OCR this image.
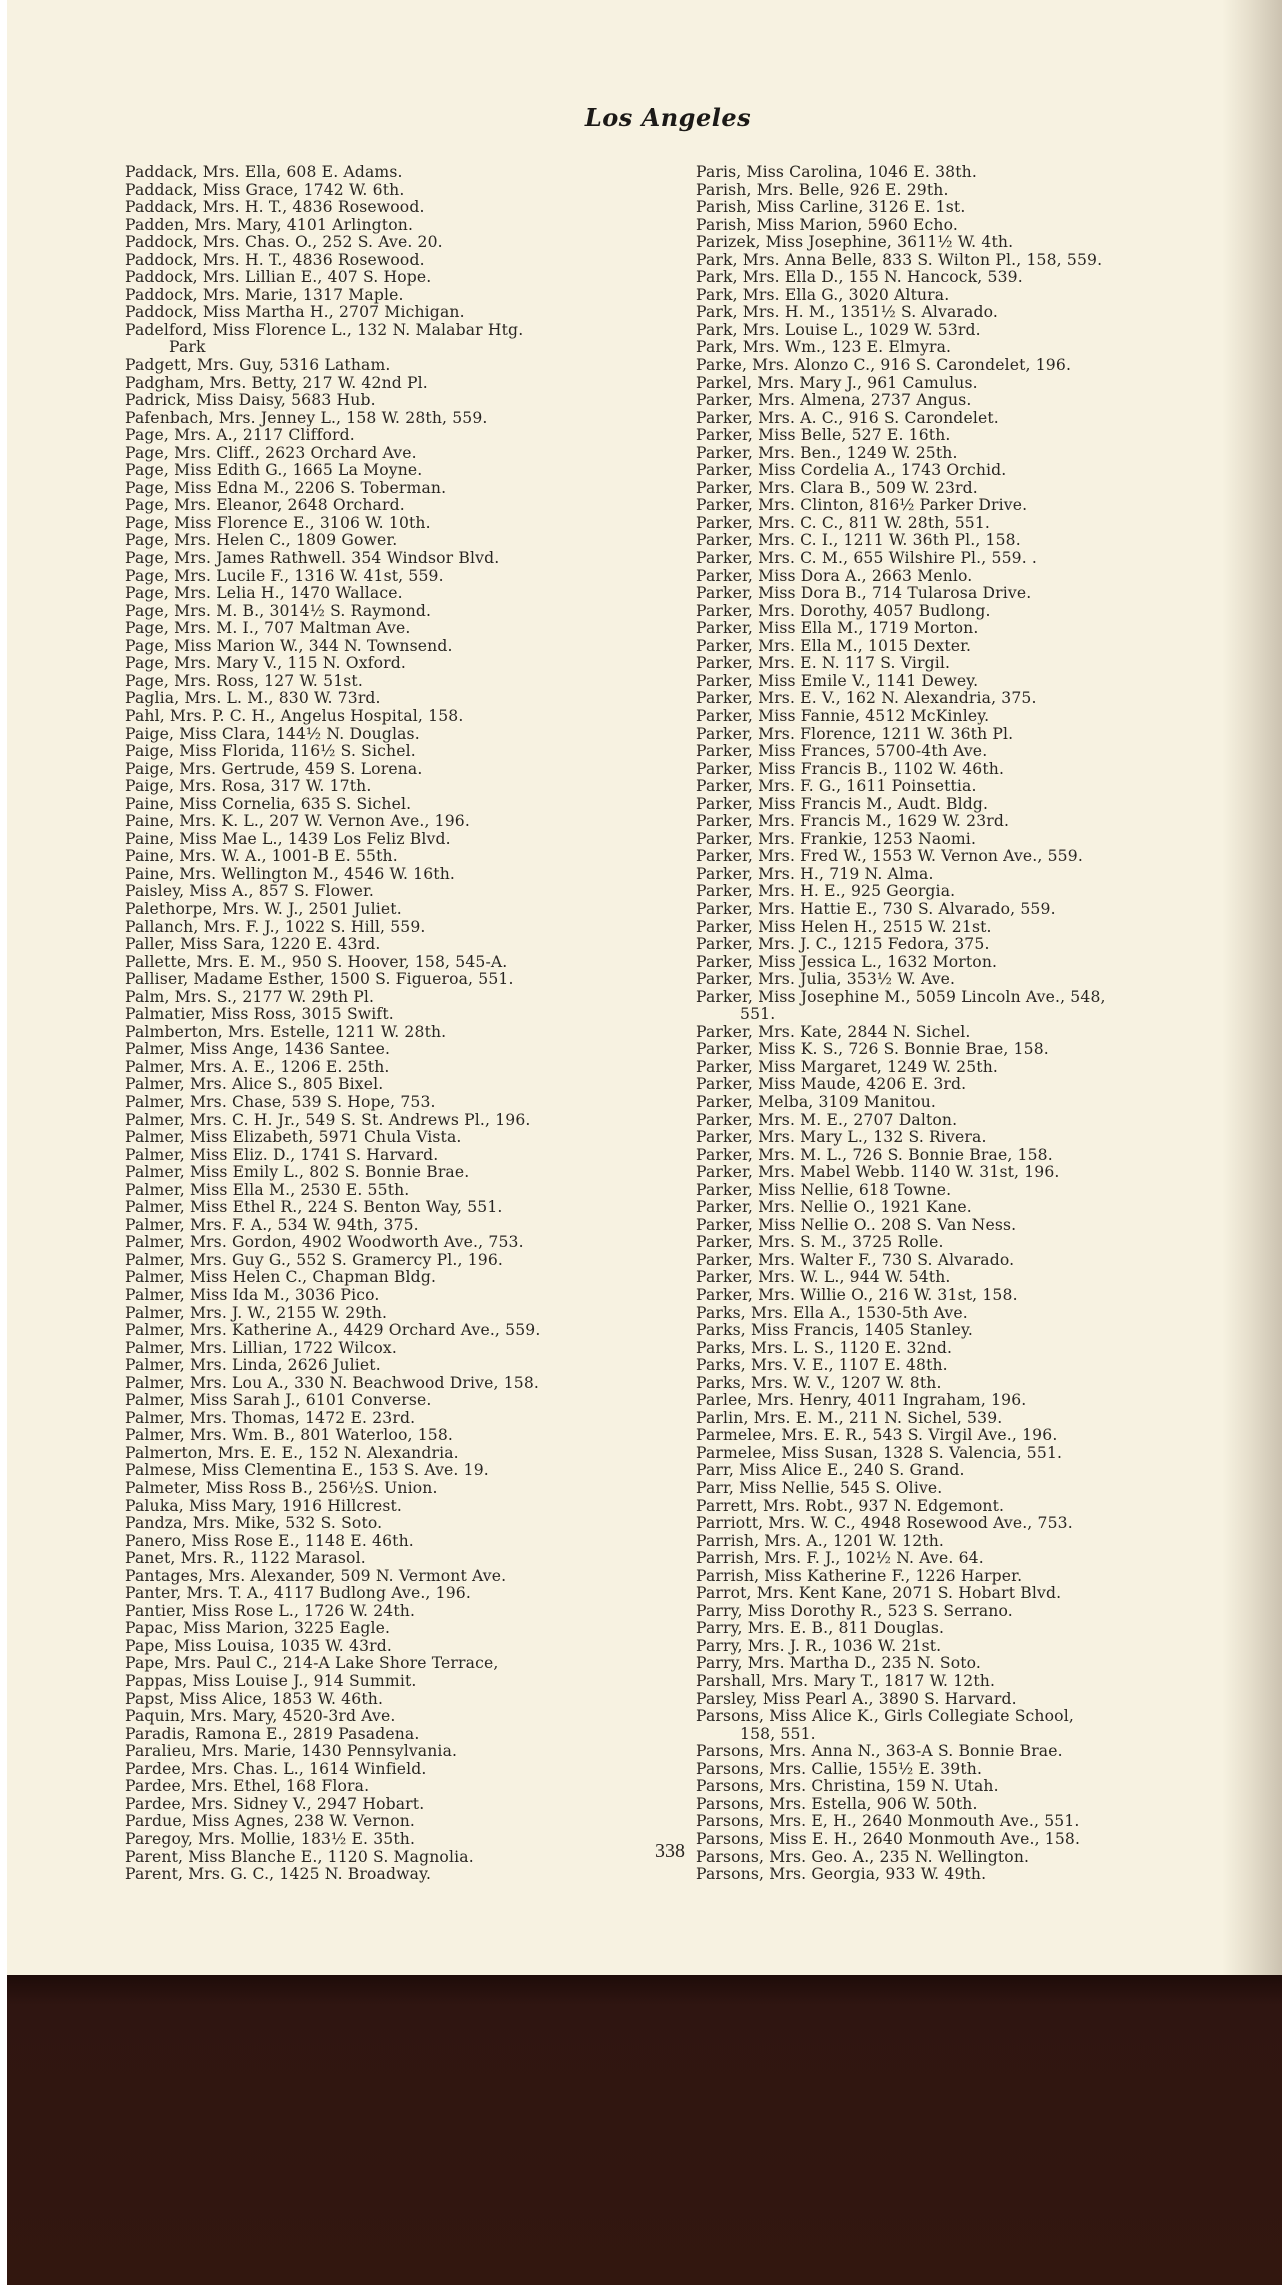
Los Angeles
Paddack, Mrs. Ella, 608 E. Adams.
Paddack, Miss Grace, 1742 W. 6th.
Paddack, Mrs. H. T., 4836 Rosewood.
Padden, Mrs. Mary, 4101 Arlington.
Paddock, Mrs. Chas. O., 252 S. Ave. 20.
Paddock, Mrs. H. T., 4836 Rosewood.
Paddock, Mrs. Lillian E., 407 S. Hope.
Paddock, Mrs. Marie, 1317 Maple.
Paddock, Miss Martha H., 2707 Michigan.
Padelford, Miss Florence L., 132 N. Malabar Htg.
Park
Padgett, Mrs. Guy, 5316 Latham.
Padgham, Mrs. Betty, 217 W. 42nd Pl.
Padrick, Miss Daisy, 5683 Hub.
Pafenbach, Mrs. Jenney L., 158 W. 28th, 559.
Page, Mrs. A., 2117 Clifford.
Page, Mrs. Cliff., 2623 Orchard Ave.
Page, Miss Edith G., 1665 La Moyne.
Page, Miss Edna M., 2206 S. Toberman.
Page, Mrs. Eleanor, 2648 Orchard.
Page, Miss Florence E., 3106 W. 10th.
Page, Mrs. Helen C., 1809 Gower.
Page, Mrs. James Rathwell. 354 Windsor Blvd.
Page, Mrs. Lucile F., 1316 W. 41st, 559.
Page, Mrs. Lelia H., 1470 Wallace.
Page, Mrs. M. B., 3014½ S. Raymond.
Page, Mrs. M. I., 707 Maltman Ave.
Page, Miss Marion W., 344 N. Townsend.
Page, Mrs. Mary V., 115 N. Oxford.
Page, Mrs. Ross, 127 W. 51st.
Paglia, Mrs. L. M., 830 W. 73rd.
Pahl, Mrs. P. C. H., Angelus Hospital, 158.
Paige, Miss Clara, 144½ N. Douglas.
Paige, Miss Florida, 116½ S. Sichel.
Paige, Mrs. Gertrude, 459 S. Lorena.
Paige, Mrs. Rosa, 317 W. 17th.
Paine, Miss Cornelia, 635 S. Sichel.
Paine, Mrs. K. L., 207 W. Vernon Ave., 196.
Paine, Miss Mae L., 1439 Los Feliz Blvd.
Paine, Mrs. W. A., 1001-B E. 55th.
Paine, Mrs. Wellington M., 4546 W. 16th.
Paisley, Miss A., 857 S. Flower.
Palethorpe, Mrs. W. J., 2501 Juliet.
Pallanch, Mrs. F. J., 1022 S. Hill, 559.
Paller, Miss Sara, 1220 E. 43rd.
Pallette, Mrs. E. M., 950 S. Hoover, 158, 545-A.
Palliser, Madame Esther, 1500 S. Figueroa, 551.
Palm, Mrs. S., 2177 W. 29th Pl.
Palmatier, Miss Ross, 3015 Swift.
Palmberton, Mrs. Estelle, 1211 W. 28th.
Palmer, Miss Ange, 1436 Santee.
Palmer, Mrs. A. E., 1206 E. 25th.
Palmer, Mrs. Alice S., 805 Bixel.
Palmer, Mrs. Chase, 539 S. Hope, 753.
Palmer, Mrs. C. H. Jr., 549 S. St. Andrews Pl., 196.
Palmer, Miss Elizabeth, 5971 Chula Vista.
Palmer, Miss Eliz. D., 1741 S. Harvard.
Palmer, Miss Emily L., 802 S. Bonnie Brae.
Palmer, Miss Ella M., 2530 E. 55th.
Palmer, Miss Ethel R., 224 S. Benton Way, 551.
Palmer, Mrs. F. A., 534 W. 94th, 375.
Palmer, Mrs. Gordon, 4902 Woodworth Ave., 753.
Palmer, Mrs. Guy G., 552 S. Gramercy Pl., 196.
Palmer, Miss Helen C., Chapman Bldg.
Palmer, Miss Ida M., 3036 Pico.
Palmer, Mrs. J. W., 2155 W. 29th.
Palmer, Mrs. Katherine A., 4429 Orchard Ave., 559.
Palmer, Mrs. Lillian, 1722 Wilcox.
Palmer, Mrs. Linda, 2626 Juliet.
Palmer, Mrs. Lou A., 330 N. Beachwood Drive, 158.
Palmer, Miss Sarah J., 6101 Converse.
Palmer, Mrs. Thomas, 1472 E. 23rd.
Palmer, Mrs. Wm. B., 801 Waterloo, 158.
Palmerton, Mrs. E. E., 152 N. Alexandria.
Palmese, Miss Clementina E., 153 S. Ave. 19.
Palmeter, Miss Ross B., 256½S. Union.
Paluka, Miss Mary, 1916 Hillcrest.
Pandza, Mrs. Mike, 532 S. Soto.
Panero, Miss Rose E., 1148 E. 46th.
Panet, Mrs. R., 1122 Marasol.
Pantages, Mrs. Alexander, 509 N. Vermont Ave.
Panter, Mrs. T. A., 4117 Budlong Ave., 196.
Pantier, Miss Rose L., 1726 W. 24th.
Papac, Miss Marion, 3225 Eagle.
Pape, Miss Louisa, 1035 W. 43rd.
Pape, Mrs. Paul C., 214-A Lake Shore Terrace,
Pappas, Miss Louise J., 914 Summit.
Papst, Miss Alice, 1853 W. 46th.
Paquin, Mrs. Mary, 4520-3rd Ave.
Paradis, Ramona E., 2819 Pasadena.
Paralieu, Mrs. Marie, 1430 Pennsylvania.
Pardee, Mrs. Chas. L., 1614 Winfield.
Pardee, Mrs. Ethel, 168 Flora.
Pardee, Mrs. Sidney V., 2947 Hobart.
Pardue, Miss Agnes, 238 W. Vernon.
Paregoy, Mrs. Mollie, 183½ E. 35th.
Parent, Miss Blanche E., 1120 S. Magnolia.
Parent, Mrs. G. C., 1425 N. Broadway.
Paris, Miss Carolina, 1046 E. 38th.
Parish, Mrs. Belle, 926 E. 29th.
Parish, Miss Carline, 3126 E. 1st.
Parish, Miss Marion, 5960 Echo.
Parizek, Miss Josephine, 3611½ W. 4th.
Park, Mrs. Anna Belle, 833 S. Wilton Pl., 158, 559.
Park, Mrs. Ella D., 155 N. Hancock, 539.
Park, Mrs. Ella G., 3020 Altura.
Park, Mrs. H. M., 1351½ S. Alvarado.
Park, Mrs. Louise L., 1029 W. 53rd.
Park, Mrs. Wm., 123 E. Elmyra.
Parke, Mrs. Alonzo C., 916 S. Carondelet, 196.
Parkel, Mrs. Mary J., 961 Camulus.
Parker, Mrs. Almena, 2737 Angus.
Parker, Mrs. A. C., 916 S. Carondelet.
Parker, Miss Belle, 527 E. 16th.
Parker, Mrs. Ben., 1249 W. 25th.
Parker, Miss Cordelia A., 1743 Orchid.
Parker, Mrs. Clara B., 509 W. 23rd.
Parker, Mrs. Clinton, 816½ Parker Drive.
Parker, Mrs. C. C., 811 W. 28th, 551.
Parker, Mrs. C. I., 1211 W. 36th Pl., 158.
Parker, Mrs. C. M., 655 Wilshire Pl., 559. .
Parker, Miss Dora A., 2663 Menlo.
Parker, Miss Dora B., 714 Tularosa Drive.
Parker, Mrs. Dorothy, 4057 Budlong.
Parker, Miss Ella M., 1719 Morton.
Parker, Mrs. Ella M., 1015 Dexter.
Parker, Mrs. E. N. 117 S. Virgil.
Parker, Miss Emile V., 1141 Dewey.
Parker, Mrs. E. V., 162 N. Alexandria, 375.
Parker, Miss Fannie, 4512 McKinley.
Parker, Mrs. Florence, 1211 W. 36th Pl.
Parker, Miss Frances, 5700-4th Ave.
Parker, Miss Francis B., 1102 W. 46th.
Parker, Mrs. F. G., 1611 Poinsettia.
Parker, Miss Francis M., Audt. Bldg.
Parker, Mrs. Francis M., 1629 W. 23rd.
Parker, Mrs. Frankie, 1253 Naomi.
Parker, Mrs. Fred W., 1553 W. Vernon Ave., 559.
Parker, Mrs. H., 719 N. Alma.
Parker, Mrs. H. E., 925 Georgia.
Parker, Mrs. Hattie E., 730 S. Alvarado, 559.
Parker, Miss Helen H., 2515 W. 21st.
Parker, Mrs. J. C., 1215 Fedora, 375.
Parker, Miss Jessica L., 1632 Morton.
Parker, Mrs. Julia, 353½ W. Ave.
Parker, Miss Josephine M., 5059 Lincoln Ave., 548,
551.
Parker, Mrs. Kate, 2844 N. Sichel.
Parker, Miss K. S., 726 S. Bonnie Brae, 158.
Parker, Miss Margaret, 1249 W. 25th.
Parker, Miss Maude, 4206 E. 3rd.
Parker, Melba, 3109 Manitou.
Parker, Mrs. M. E., 2707 Dalton.
Parker, Mrs. Mary L., 132 S. Rivera.
Parker, Mrs. M. L., 726 S. Bonnie Brae, 158.
Parker, Mrs. Mabel Webb. 1140 W. 31st, 196.
Parker, Miss Nellie, 618 Towne.
Parker, Mrs. Nellie O., 1921 Kane.
Parker, Miss Nellie O.. 208 S. Van Ness.
Parker, Mrs. S. M., 3725 Rolle.
Parker, Mrs. Walter F., 730 S. Alvarado.
Parker, Mrs. W. L., 944 W. 54th.
Parker, Mrs. Willie O., 216 W. 31st, 158.
Parks, Mrs. Ella A., 1530-5th Ave.
Parks, Miss Francis, 1405 Stanley.
Parks, Mrs. L. S., 1120 E. 32nd.
Parks, Mrs. V. E., 1107 E. 48th.
Parks, Mrs. W. V., 1207 W. 8th.
Parlee, Mrs. Henry, 4011 Ingraham, 196.
Parlin, Mrs. E. M., 211 N. Sichel, 539.
Parmelee, Mrs. E. R., 543 S. Virgil Ave., 196.
Parmelee, Miss Susan, 1328 S. Valencia, 551.
Parr, Miss Alice E., 240 S. Grand.
Parr, Miss Nellie, 545 S. Olive.
Parrett, Mrs. Robt., 937 N. Edgemont.
Parriott, Mrs. W. C., 4948 Rosewood Ave., 753.
Parrish, Mrs. A., 1201 W. 12th.
Parrish, Mrs. F. J., 102½ N. Ave. 64.
Parrish, Miss Katherine F., 1226 Harper.
Parrot, Mrs. Kent Kane, 2071 S. Hobart Blvd.
Parry, Miss Dorothy R., 523 S. Serrano.
Parry, Mrs. E. B., 811 Douglas.
Parry, Mrs. J. R., 1036 W. 21st.
Parry, Mrs. Martha D., 235 N. Soto.
Parshall, Mrs. Mary T., 1817 W. 12th.
Parsley, Miss Pearl A., 3890 S. Harvard.
Parsons, Miss Alice K., Girls Collegiate School,
158, 551.
Parsons, Mrs. Anna N., 363-A S. Bonnie Brae.
Parsons, Mrs. Callie, 155½ E. 39th.
Parsons, Mrs. Christina, 159 N. Utah.
Parsons, Mrs. Estella, 906 W. 50th.
Parsons, Mrs. E, H., 2640 Monmouth Ave., 551.
Parsons, Miss E. H., 2640 Monmouth Ave., 158.
Parsons, Mrs. Geo. A., 235 N. Wellington.
Parsons, Mrs. Georgia, 933 W. 49th.
338
